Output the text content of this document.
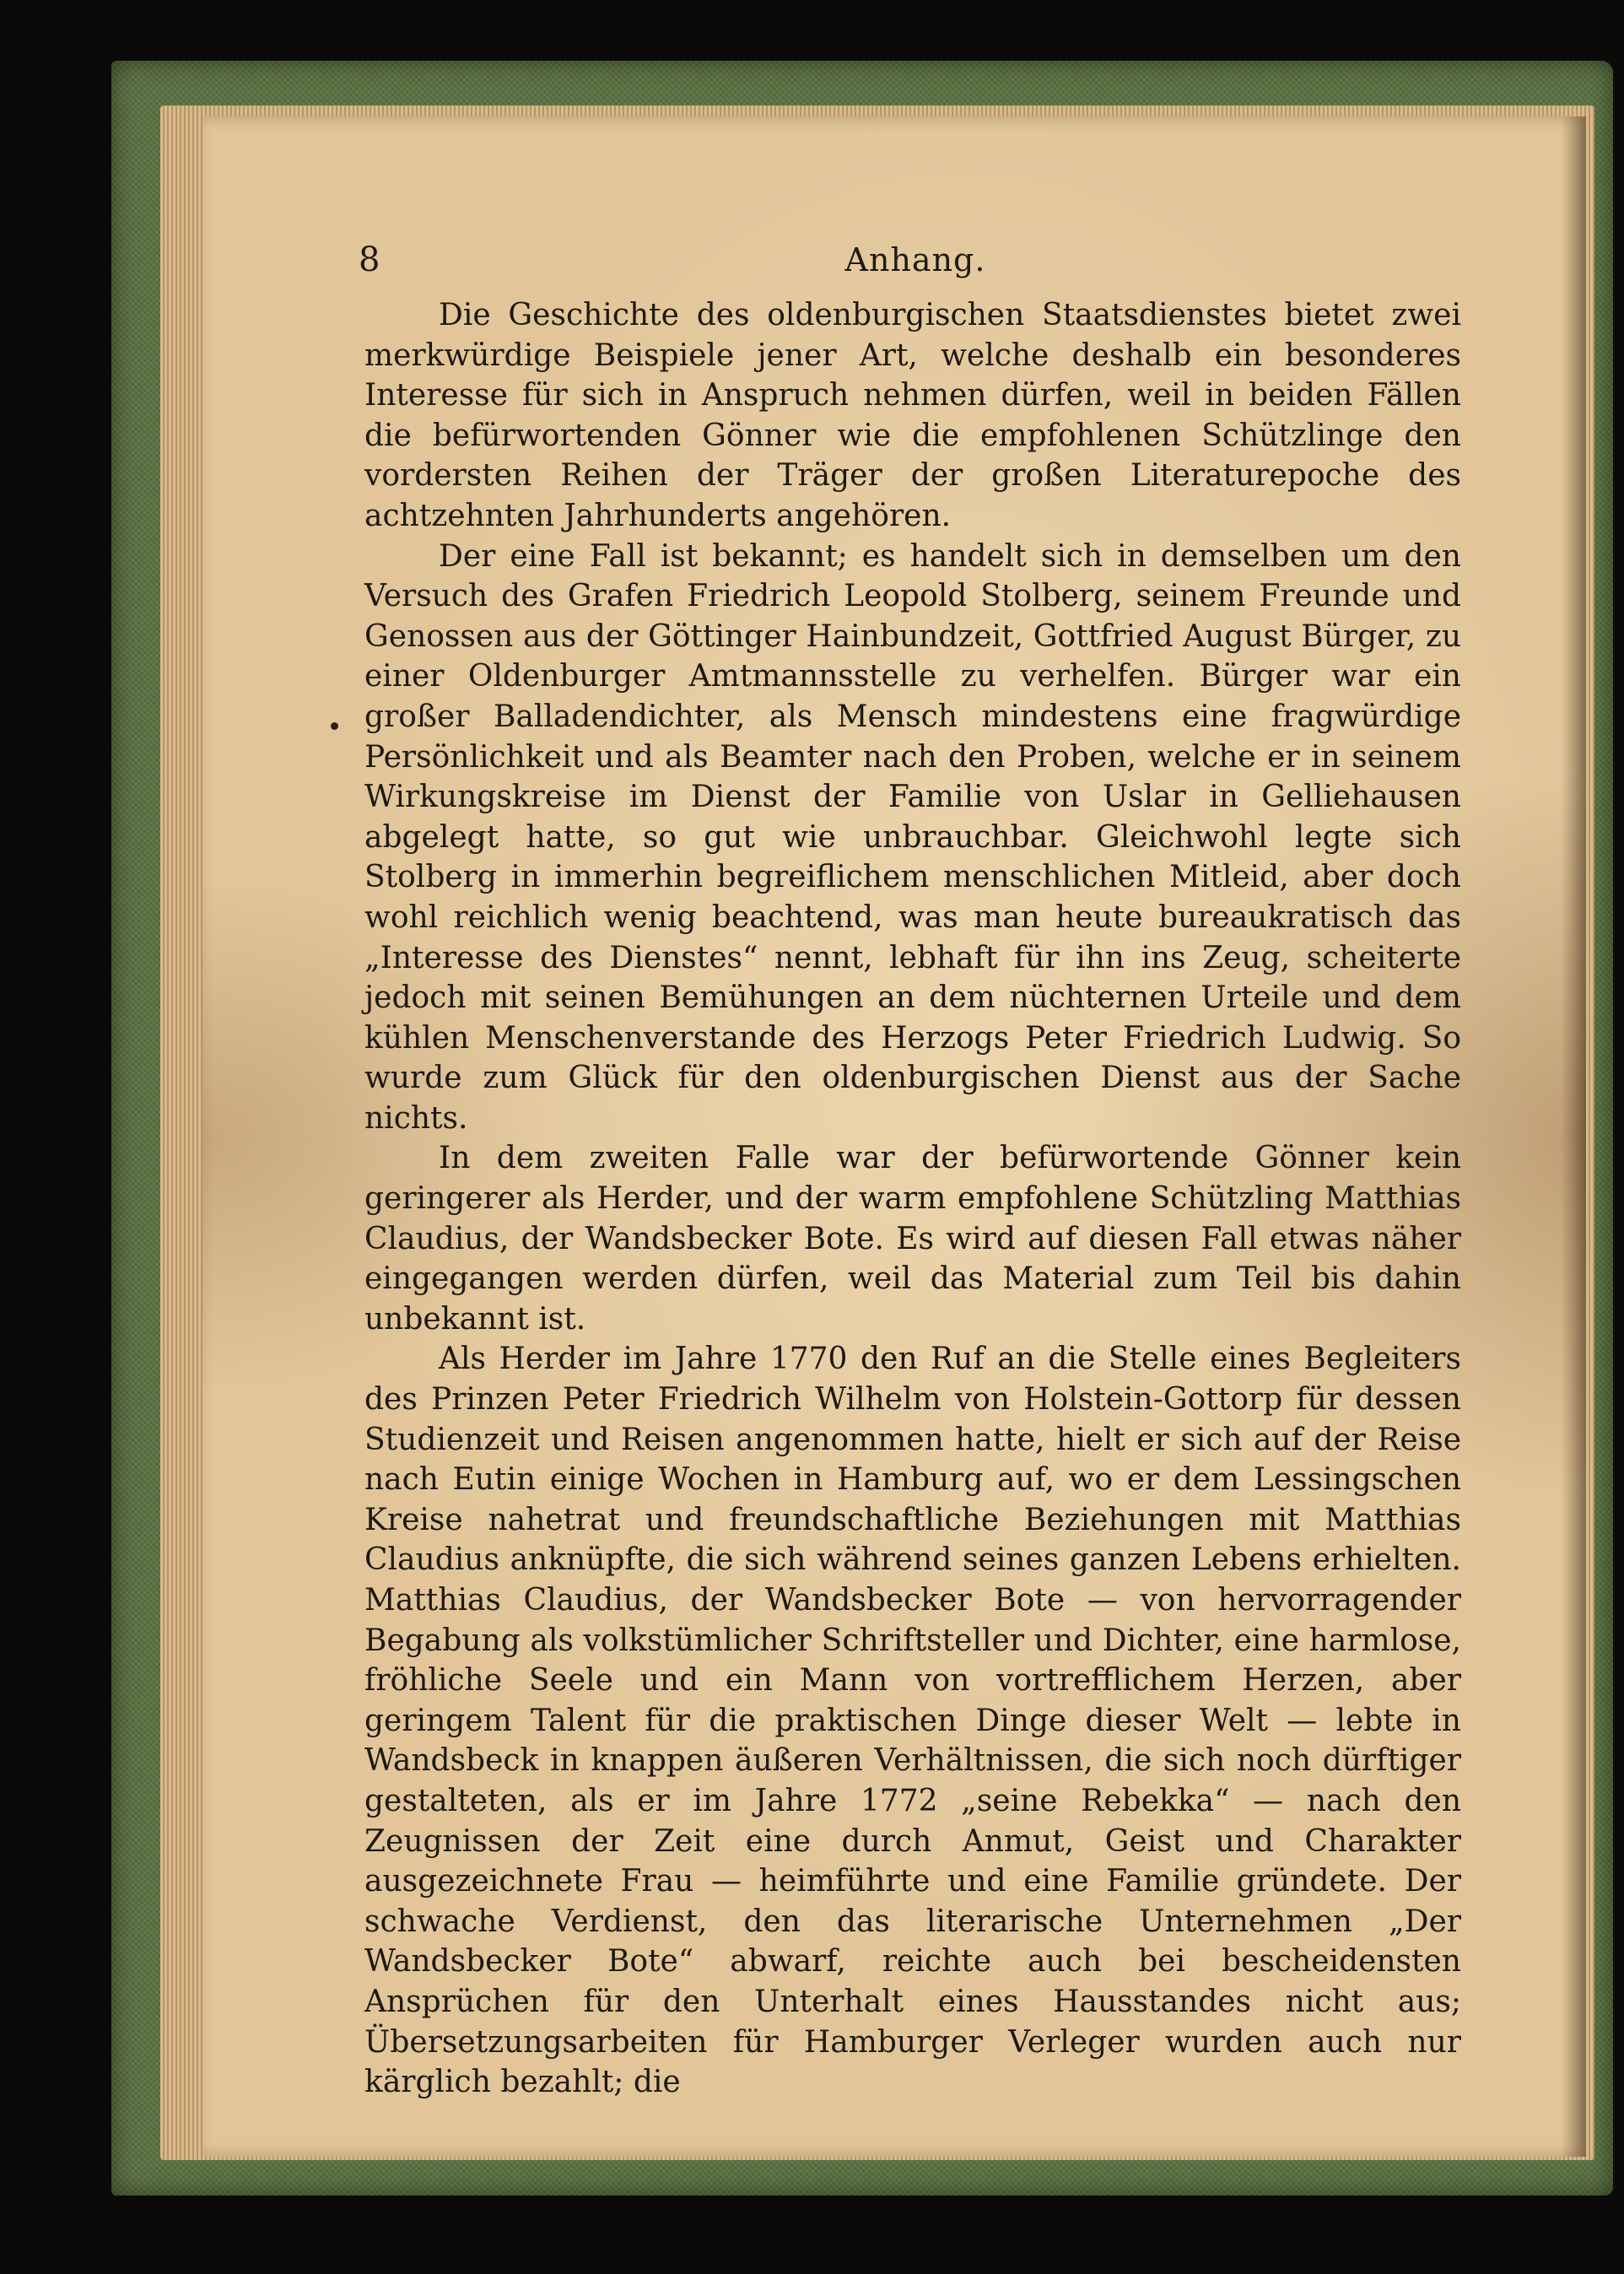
8	Anhang.

Die Geschichte des oldenburgischen Staatsdienstes bietet zwei merkwürdige Beispiele jener Art, welche deshalb ein besonderes Interesse für sich in Anspruch nehmen dürfen, weil in beiden Fällen die befürwortenden Gönner wie die empfohlenen Schützlinge den vordersten Reihen der Träger der großen Literaturepoche des achtzehnten Jahrhunderts angehören.

Der eine Fall ist bekannt; es handelt sich in demselben um den Versuch des Grafen Friedrich Leopold Stolberg, seinem Freunde und Genossen aus der Göttinger Hainbundzeit, Gottfried August Bürger, zu einer Oldenburger Amtmannsstelle zu verhelfen. Bürger war ein großer Balladendichter, als Mensch mindestens eine fragwürdige Persönlichkeit und als Beamter nach den Proben, welche er in seinem Wirkungskreise im Dienst der Familie von Uslar in Gelliehausen abgelegt hatte, so gut wie unbrauchbar. Gleichwohl legte sich Stolberg in immerhin begreiflichem menschlichen Mitleid, aber doch wohl reichlich wenig beachtend, was man heute bureaukratisch das „Interesse des Dienstes“ nennt, lebhaft für ihn ins Zeug, scheiterte jedoch mit seinen Bemühungen an dem nüchternen Urteile und dem kühlen Menschenverstande des Herzogs Peter Friedrich Ludwig. So wurde zum Glück für den oldenburgischen Dienst aus der Sache nichts.

In dem zweiten Falle war der befürwortende Gönner kein geringerer als Herder, und der warm empfohlene Schützling Matthias Claudius, der Wandsbecker Bote. Es wird auf diesen Fall etwas näher eingegangen werden dürfen, weil das Material zum Teil bis dahin unbekannt ist.

Als Herder im Jahre 1770 den Ruf an die Stelle eines Begleiters des Prinzen Peter Friedrich Wilhelm von Holstein-Gottorp für dessen Studienzeit und Reisen angenommen hatte, hielt er sich auf der Reise nach Eutin einige Wochen in Hamburg auf, wo er dem Lessingschen Kreise nahetrat und freundschaftliche Beziehungen mit Matthias Claudius anknüpfte, die sich während seines ganzen Lebens erhielten. Matthias Claudius, der Wandsbecker Bote — von hervorragender Begabung als volkstümlicher Schriftsteller und Dichter, eine harmlose, fröhliche Seele und ein Mann von vortrefflichem Herzen, aber geringem Talent für die praktischen Dinge dieser Welt — lebte in Wandsbeck in knappen äußeren Verhältnissen, die sich noch dürftiger gestalteten, als er im Jahre 1772 „seine Rebekka“ — nach den Zeugnissen der Zeit eine durch Anmut, Geist und Charakter ausgezeichnete Frau — heimführte und eine Familie gründete. Der schwache Verdienst, den das literarische Unternehmen „Der Wandsbecker Bote“ abwarf, reichte auch bei bescheidensten Ansprüchen für den Unterhalt eines Hausstandes nicht aus; Übersetzungsarbeiten für Hamburger Verleger wurden auch nur kärglich bezahlt; die
